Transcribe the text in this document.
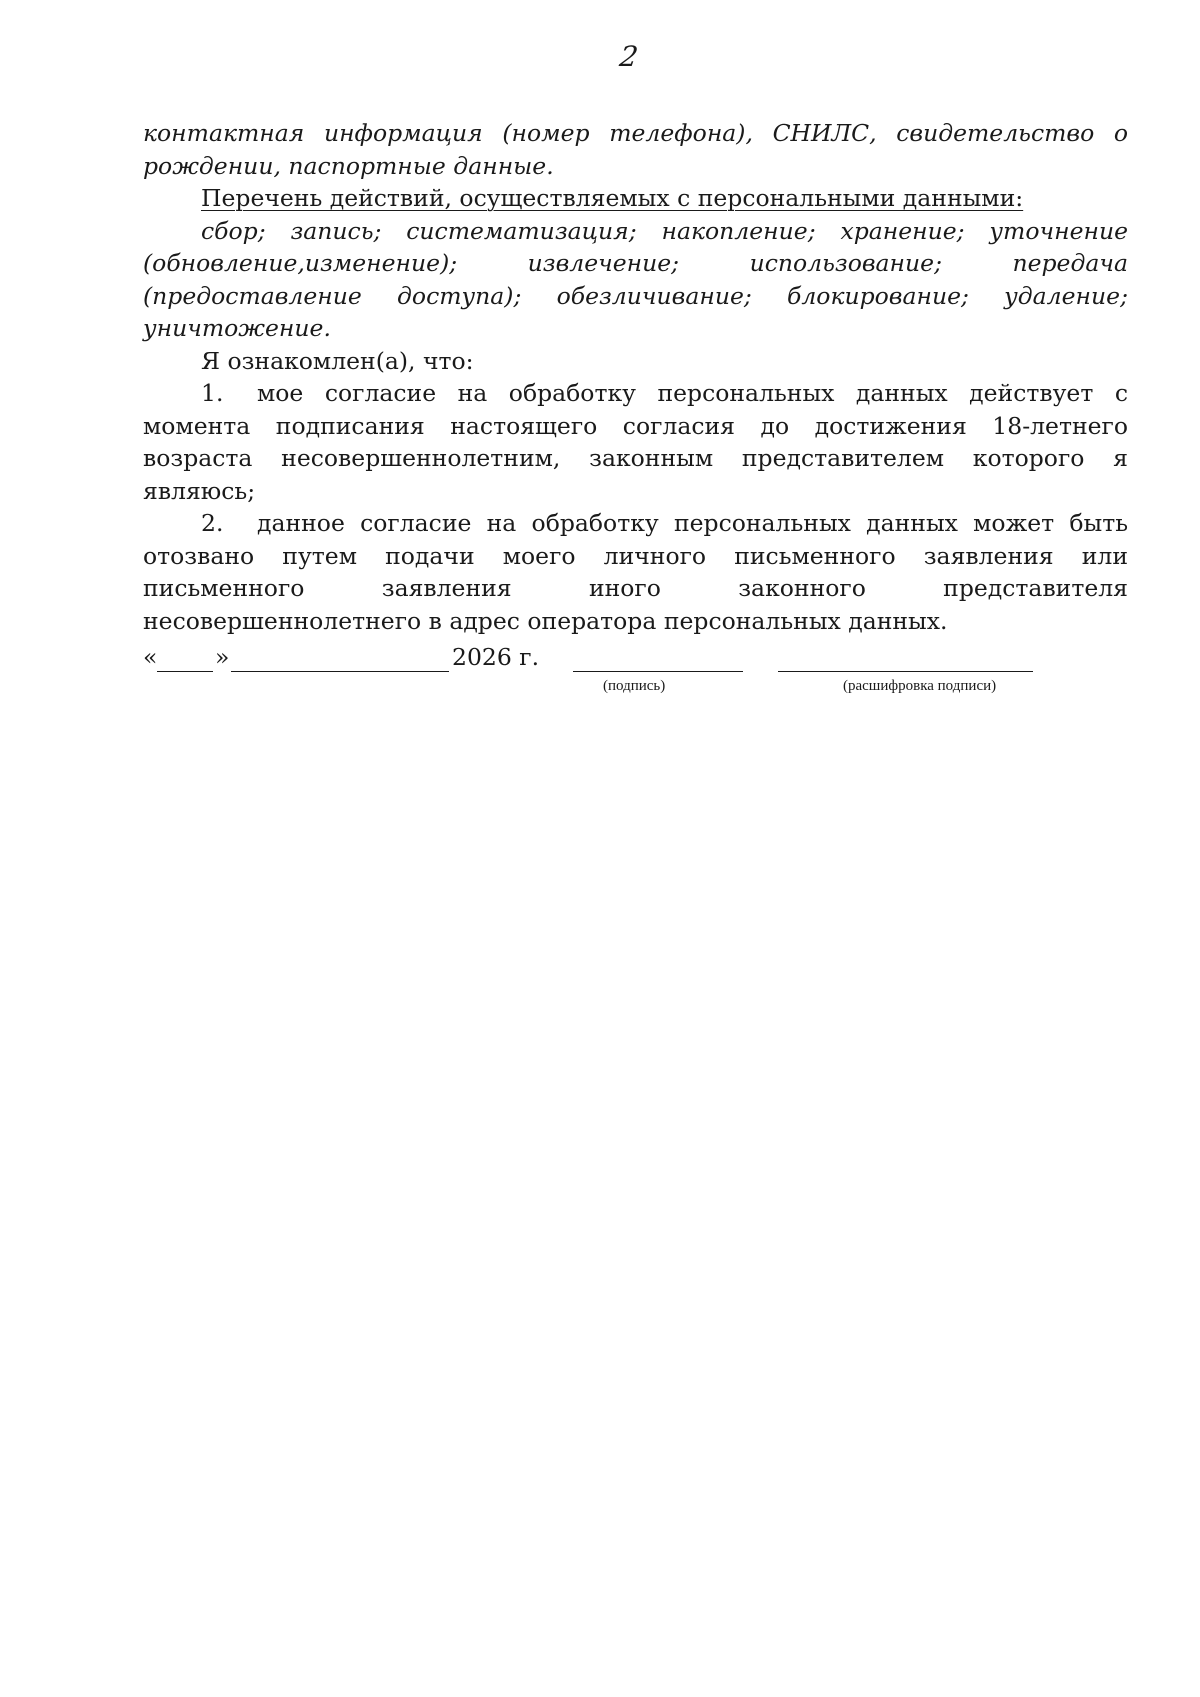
2

контактная информация (номер телефона), СНИЛС, свидетельство о рождении, паспортные данные.

Перечень действий, осуществляемых с персональными данными:

сбор; запись; систематизация; накопление; хранение; уточнение (обновление,изменение); извлечение; использование; передача (предоставление доступа); обезличивание; блокирование; удаление; уничтожение.

Я ознакомлен(а), что:

1. мое согласие на обработку персональных данных действует с момента подписания настоящего согласия до достижения 18-летнего возраста несовершеннолетним, законным представителем которого я являюсь;

2. данное согласие на обработку персональных данных может быть отозвано путем подачи моего личного письменного заявления или письменного заявления иного законного представителя несовершеннолетнего в адрес оператора персональных данных.

« »	2026 г.
(подпись)	(расшифровка подписи)
